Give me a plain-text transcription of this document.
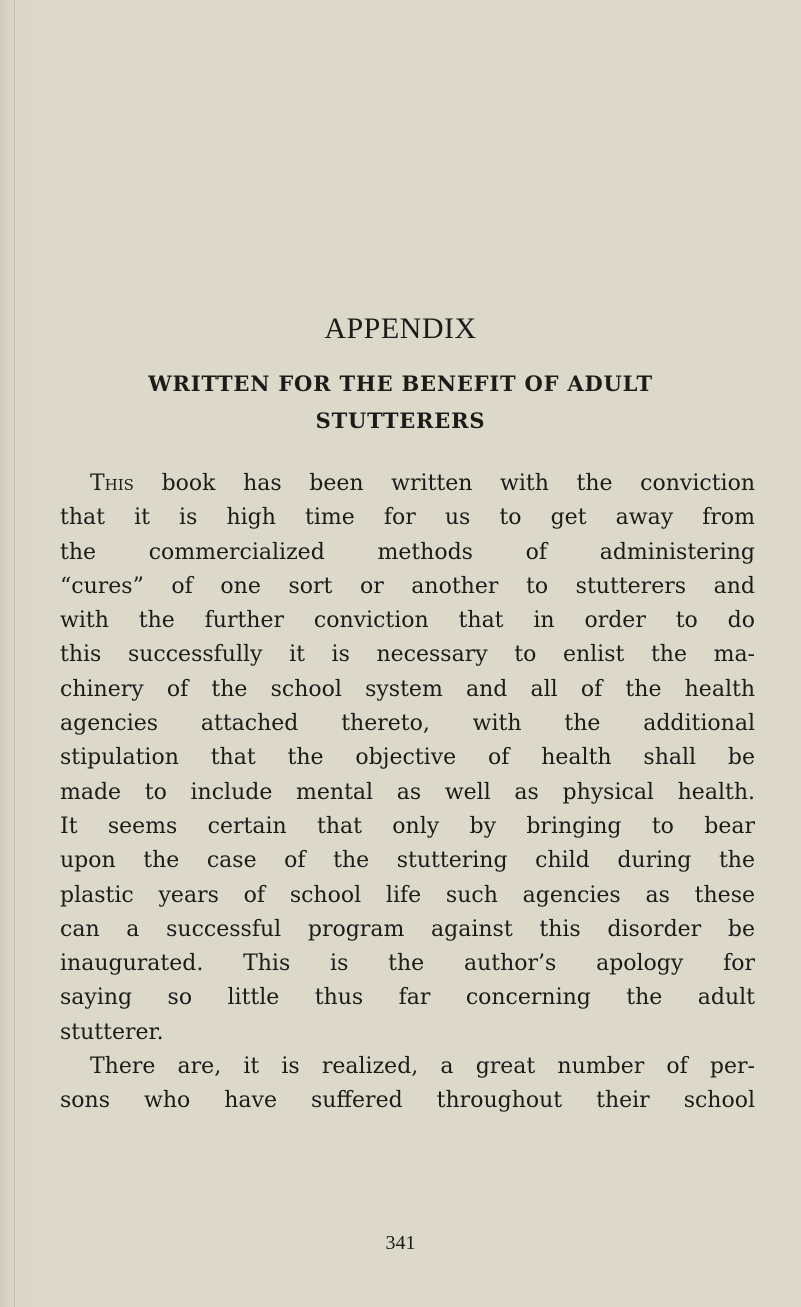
APPENDIX
WRITTEN FOR THE BENEFIT OF ADULT
STUTTERERS
This book has been written with the conviction
that it is high time for us to get away from
the commercialized methods of administering
“cures” of one sort or another to stutterers and
with the further conviction that in order to do
this successfully it is necessary to enlist the ma-
chinery of the school system and all of the health
agencies attached thereto, with the additional
stipulation that the objective of health shall be
made to include mental as well as physical health.
It seems certain that only by bringing to bear
upon the case of the stuttering child during the
plastic years of school life such agencies as these
can a successful program against this disorder be
inaugurated. This is the author’s apology for
saying so little thus far concerning the adult
stutterer.
There are, it is realized, a great number of per-
sons who have suffered throughout their school
341
